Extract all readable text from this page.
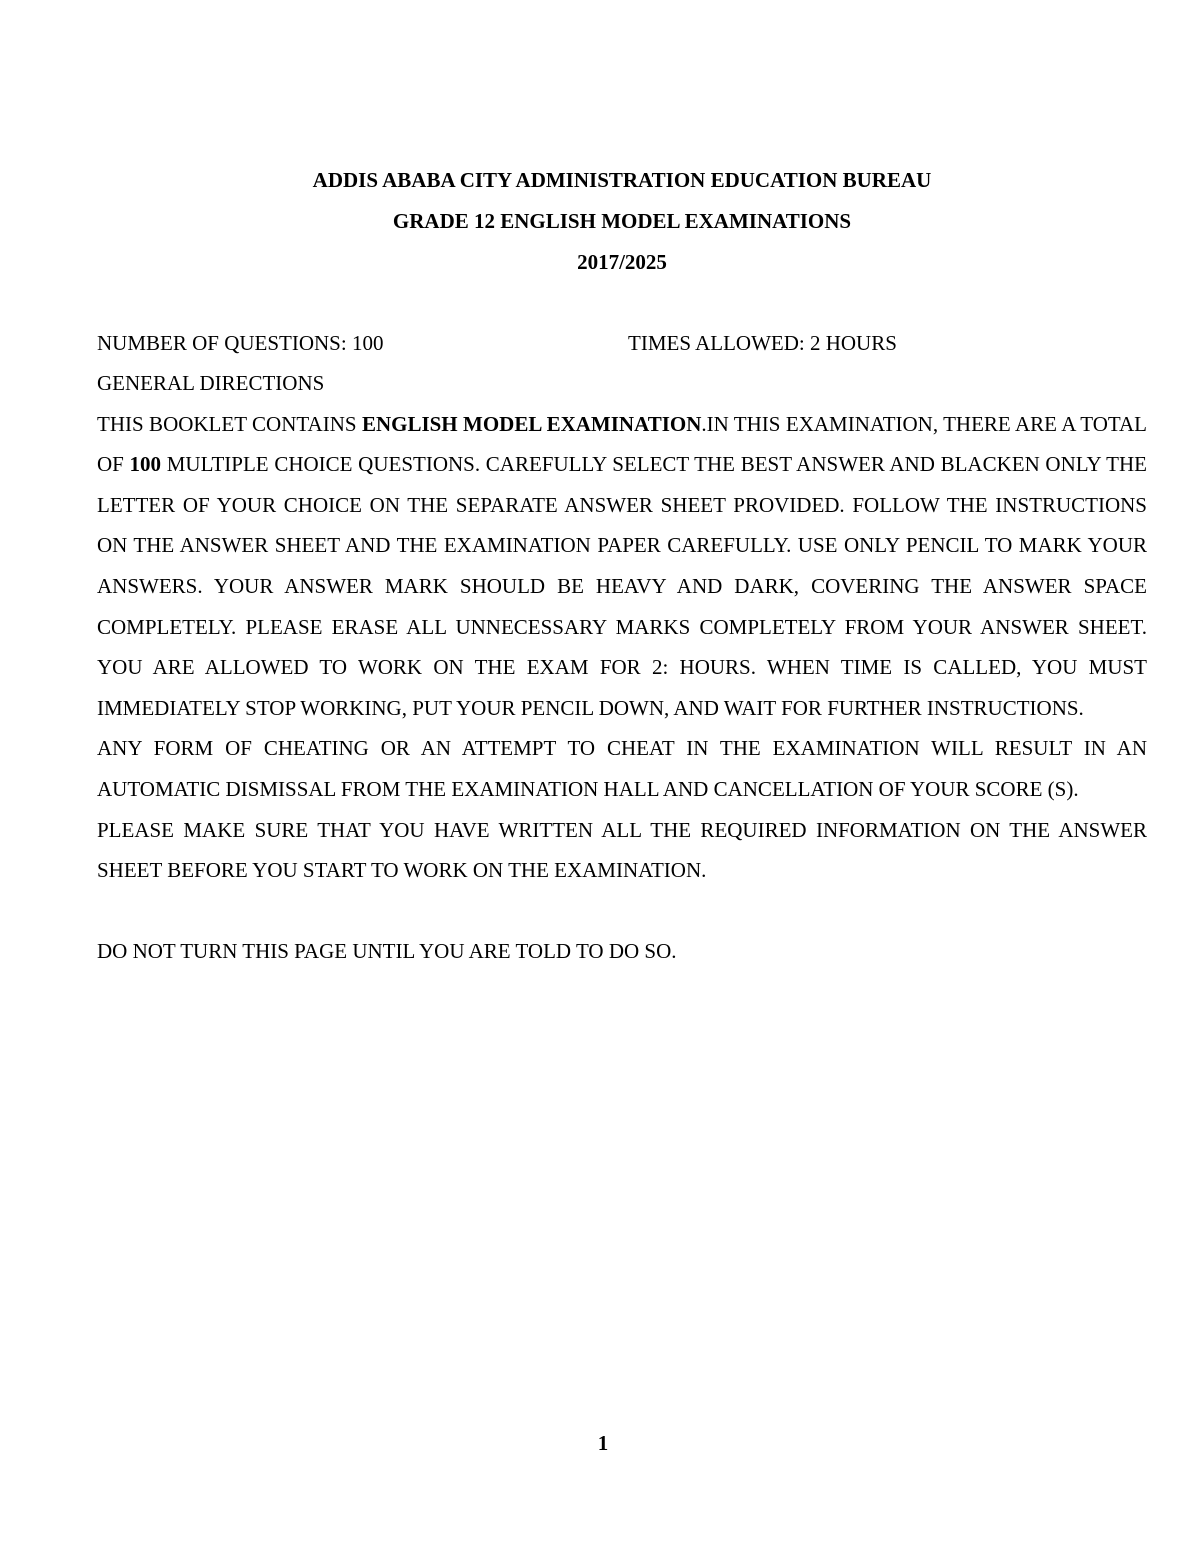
ADDIS ABABA CITY ADMINISTRATION EDUCATION BUREAU
GRADE 12 ENGLISH MODEL EXAMINATIONS
2017/2025
NUMBER OF QUESTIONS: 100	TIMES ALLOWED: 2 HOURS

GENERAL DIRECTIONS

THIS BOOKLET CONTAINS ENGLISH MODEL EXAMINATION.IN THIS EXAMINATION, THERE ARE A TOTAL OF 100 MULTIPLE CHOICE QUESTIONS. CAREFULLY SELECT THE BEST ANSWER AND BLACKEN ONLY THE LETTER OF YOUR CHOICE ON THE SEPARATE ANSWER SHEET PROVIDED. FOLLOW THE INSTRUCTIONS ON THE ANSWER SHEET AND THE EXAMINATION PAPER CAREFULLY. USE ONLY PENCIL TO MARK YOUR ANSWERS. YOUR ANSWER MARK SHOULD BE HEAVY AND DARK, COVERING THE ANSWER SPACE COMPLETELY. PLEASE ERASE ALL UNNECESSARY MARKS COMPLETELY FROM YOUR ANSWER SHEET. YOU ARE ALLOWED TO WORK ON THE EXAM FOR 2: HOURS. WHEN TIME IS CALLED, YOU MUST IMMEDIATELY STOP WORKING, PUT YOUR PENCIL DOWN, AND WAIT FOR FURTHER INSTRUCTIONS.

ANY FORM OF CHEATING OR AN ATTEMPT TO CHEAT IN THE EXAMINATION WILL RESULT IN AN AUTOMATIC DISMISSAL FROM THE EXAMINATION HALL AND CANCELLATION OF YOUR SCORE (S).

PLEASE MAKE SURE THAT YOU HAVE WRITTEN ALL THE REQUIRED INFORMATION ON THE ANSWER SHEET BEFORE YOU START TO WORK ON THE EXAMINATION.

DO NOT TURN THIS PAGE UNTIL YOU ARE TOLD TO DO SO.

1
